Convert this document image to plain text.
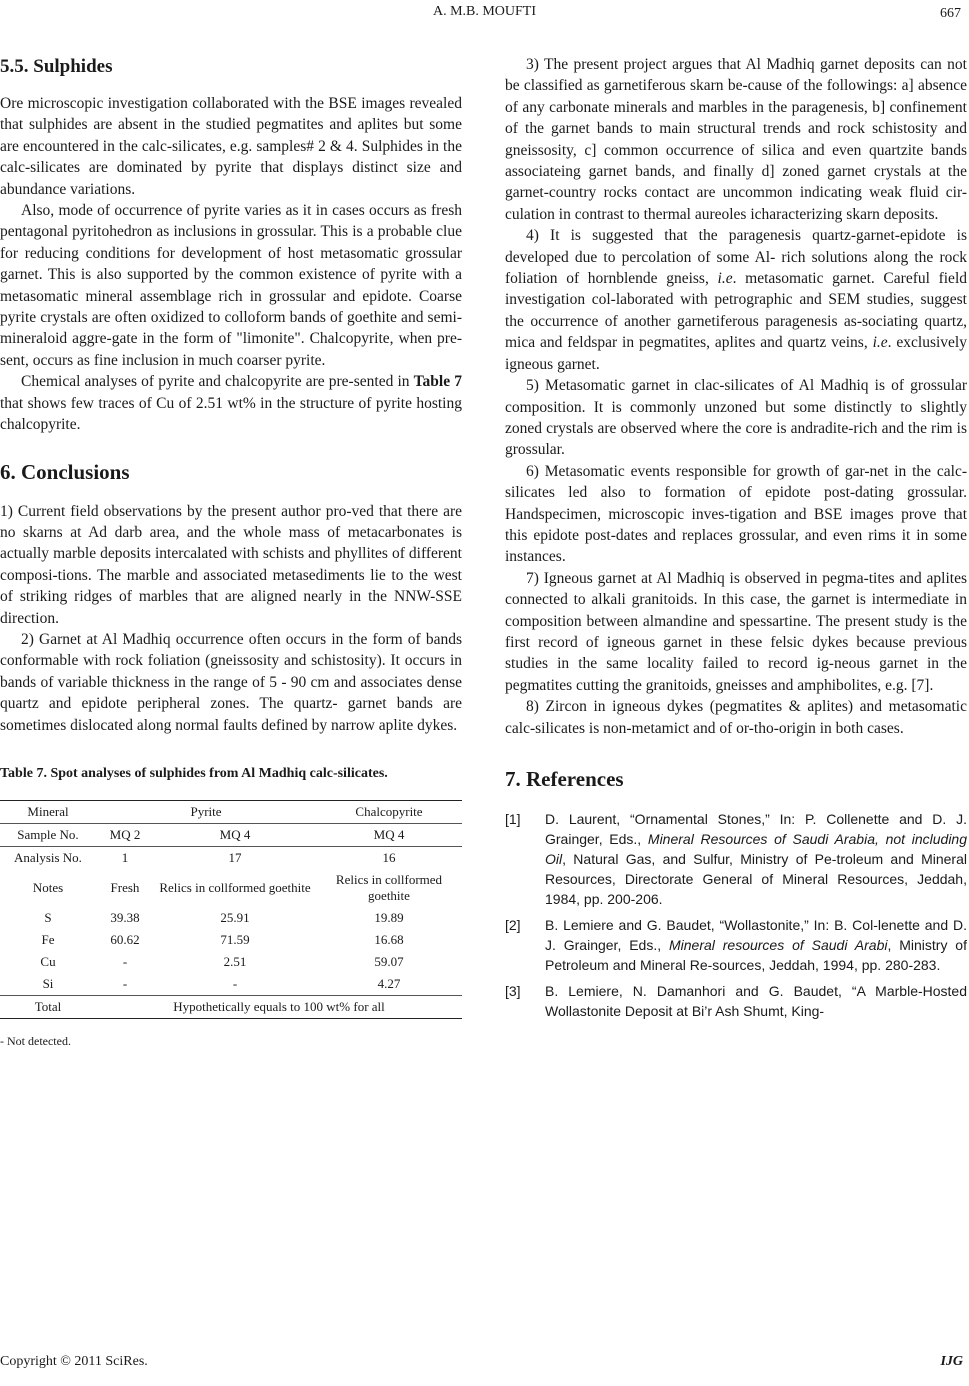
A. M.B. MOUFTI	667
5.5. Sulphides

Ore microscopic investigation collaborated with the BSE images revealed that sulphides are absent in the studied pegmatites and aplites but some are encountered in the calc-silicates, e.g. samples# 2 & 4. Sulphides in the calc-silicates are dominated by pyrite that displays distinct size and abundance variations.

Also, mode of occurrence of pyrite varies as it in cases occurs as fresh pentagonal pyritohedron as inclusions in grossular. This is a probable clue for reducing conditions for development of host metasomatic grossular garnet. This is also supported by the common existence of pyrite with a metasomatic mineral assemblage rich in grossular and epidote. Coarse pyrite crystals are often oxidized to colloform bands of goethite and semi-mineraloid aggre-gate in the form of "limonite". Chalcopyrite, when pre-sent, occurs as fine inclusion in much coarser pyrite.

Chemical analyses of pyrite and chalcopyrite are pre-sented in Table 7 that shows few traces of Cu of 2.51 wt% in the structure of pyrite hosting chalcopyrite.

6. Conclusions

1) Current field observations by the present author pro-ved that there are no skarns at Ad darb area, and the whole mass of metacarbonates is actually marble deposits intercalated with schists and phyllites of different composi-tions. The marble and associated metasediments lie to the west of striking ridges of marbles that are aligned nearly in the NNW-SSE direction.

2) Garnet at Al Madhiq occurrence often occurs in the form of bands conformable with rock foliation (gneissosity and schistosity). It occurs in bands of variable thickness in the range of 5 - 90 cm and associates dense quartz and epidote peripheral zones. The quartz- garnet bands are sometimes dislocated along normal faults defined by narrow aplite dykes.

Table 7. Spot analyses of sulphides from Al Madhiq calc-silicates.

Mineral	Pyrite		Chalcopyrite
Sample No.	MQ 2	MQ 4	MQ 4
Analysis No.	1	17	16
Notes	Fresh	Relics in collformed goethite	Relics in collformed goethite
S	39.38	25.91	19.89
Fe	60.62	71.59	16.68
Cu	-	2.51	59.07
Si	-	-	4.27
Total	Hypothetically equals to 100 wt% for all		
- Not detected.

3) The present project argues that Al Madhiq garnet deposits can not be classified as garnetiferous skarn be-cause of the followings: a] absence of any carbonate minerals and marbles in the paragenesis, b] confinement of the garnet bands to main structural trends and rock schistosity and gneissosity, c] common occurrence of silica and even quartzite bands associateing garnet bands, and finally d] zoned garnet crystals at the garnet-country rocks contact are uncommon indicating weak fluid cir-culation in contrast to thermal aureoles icharacterizing skarn deposits.

4) It is suggested that the paragenesis quartz-garnet-epidote is developed due to percolation of some Al- rich solutions along the rock foliation of hornblende gneiss, i.e. metasomatic garnet. Careful field investigation col-laborated with petrographic and SEM studies, suggest the occurrence of another garnetiferous paragenesis as-sociating quartz, mica and feldspar in pegmatites, aplites and quartz veins, i.e. exclusively igneous garnet.

5) Metasomatic garnet in clac-silicates of Al Madhiq is of grossular composition. It is commonly unzoned but some distinctly to slightly zoned crystals are observed where the core is andradite-rich and the rim is grossular.

6) Metasomatic events responsible for growth of gar-net in the calc-silicates led also to formation of epidote post-dating grossular. Handspecimen, microscopic inves-tigation and BSE images prove that this epidote post-dates and replaces grossular, and even rims it in some instances.

7) Igneous garnet at Al Madhiq is observed in pegma-tites and aplites connected to alkali granitoids. In this case, the garnet is intermediate in composition between almandine and spessartine. The present study is the first record of igneous garnet in these felsic dykes because previous studies in the same locality failed to record ig-neous garnet in the pegmatites cutting the granitoids, gneisses and amphibolites, e.g. [7].

8) Zircon in igneous dykes (pegmatites & aplites) and metasomatic calc-silicates is non-metamict and of or-tho-origin in both cases.

7. References
[1]	D. Laurent, “Ornamental Stones,” In: P. Collenette and D. J. Grainger, Eds., Mineral Resources of Saudi Arabia, not including Oil, Natural Gas, and Sulfur, Ministry of Pe-troleum and Mineral Resources, Directorate General of Mineral Resources, Jeddah, 1984, pp. 200-206.
[2]	B. Lemiere and G. Baudet, “Wollastonite,” In: B. Col-lenette and D. J. Grainger, Eds., Mineral resources of Saudi Arabi, Ministry of Petroleum and Mineral Re-sources, Jeddah, 1994, pp. 280-283.
[3]	B. Lemiere, N. Damanhori and G. Baudet, “A Marble-Hosted Wollastonite Deposit at Bi’r Ash Shumt, King-
Copyright © 2011 SciRes.	IJG
